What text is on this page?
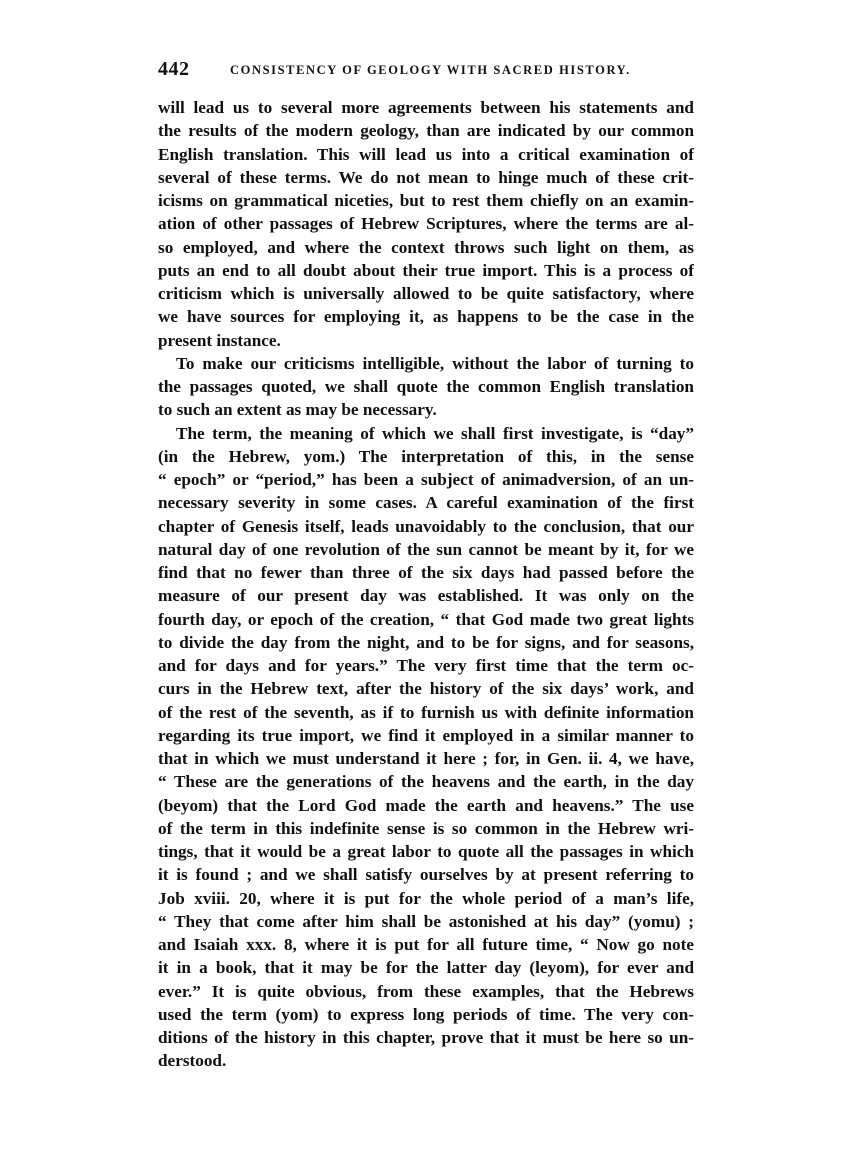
442	CONSISTENCY OF GEOLOGY WITH SACRED HISTORY.
will lead us to several more agreements between his statements and
the results of the modern geology, than are indicated by our common
English translation. This will lead us into a critical examination of
several of these terms. We do not mean to hinge much of these crit-
icisms on grammatical niceties, but to rest them chiefly on an examin-
ation of other passages of Hebrew Scriptures, where the terms are al-
so employed, and where the context throws such light on them, as
puts an end to all doubt about their true import. This is a process of
criticism which is universally allowed to be quite satisfactory, where
we have sources for employing it, as happens to be the case in the
present instance.
To make our criticisms intelligible, without the labor of turning to
the passages quoted, we shall quote the common English translation
to such an extent as may be necessary.
The term, the meaning of which we shall first investigate, is “day”
(in the Hebrew, yom.) The interpretation of this, in the sense
“ epoch” or “period,” has been a subject of animadversion, of an un-
necessary severity in some cases. A careful examination of the first
chapter of Genesis itself, leads unavoidably to the conclusion, that our
natural day of one revolution of the sun cannot be meant by it, for we
find that no fewer than three of the six days had passed before the
measure of our present day was established. It was only on the
fourth day, or epoch of the creation, “ that God made two great lights
to divide the day from the night, and to be for signs, and for seasons,
and for days and for years.” The very first time that the term oc-
curs in the Hebrew text, after the history of the six days’ work, and
of the rest of the seventh, as if to furnish us with definite information
regarding its true import, we find it employed in a similar manner to
that in which we must understand it here ; for, in Gen. ii. 4, we have,
“ These are the generations of the heavens and the earth, in the day
(beyom) that the Lord God made the earth and heavens.” The use
of the term in this indefinite sense is so common in the Hebrew wri-
tings, that it would be a great labor to quote all the passages in which
it is found ; and we shall satisfy ourselves by at present referring to
Job xviii. 20, where it is put for the whole period of a man’s life,
“ They that come after him shall be astonished at his day” (yomu) ;
and Isaiah xxx. 8, where it is put for all future time, “ Now go note
it in a book, that it may be for the latter day (leyom), for ever and
ever.” It is quite obvious, from these examples, that the Hebrews
used the term (yom) to express long periods of time. The very con-
ditions of the history in this chapter, prove that it must be here so un-
derstood.
